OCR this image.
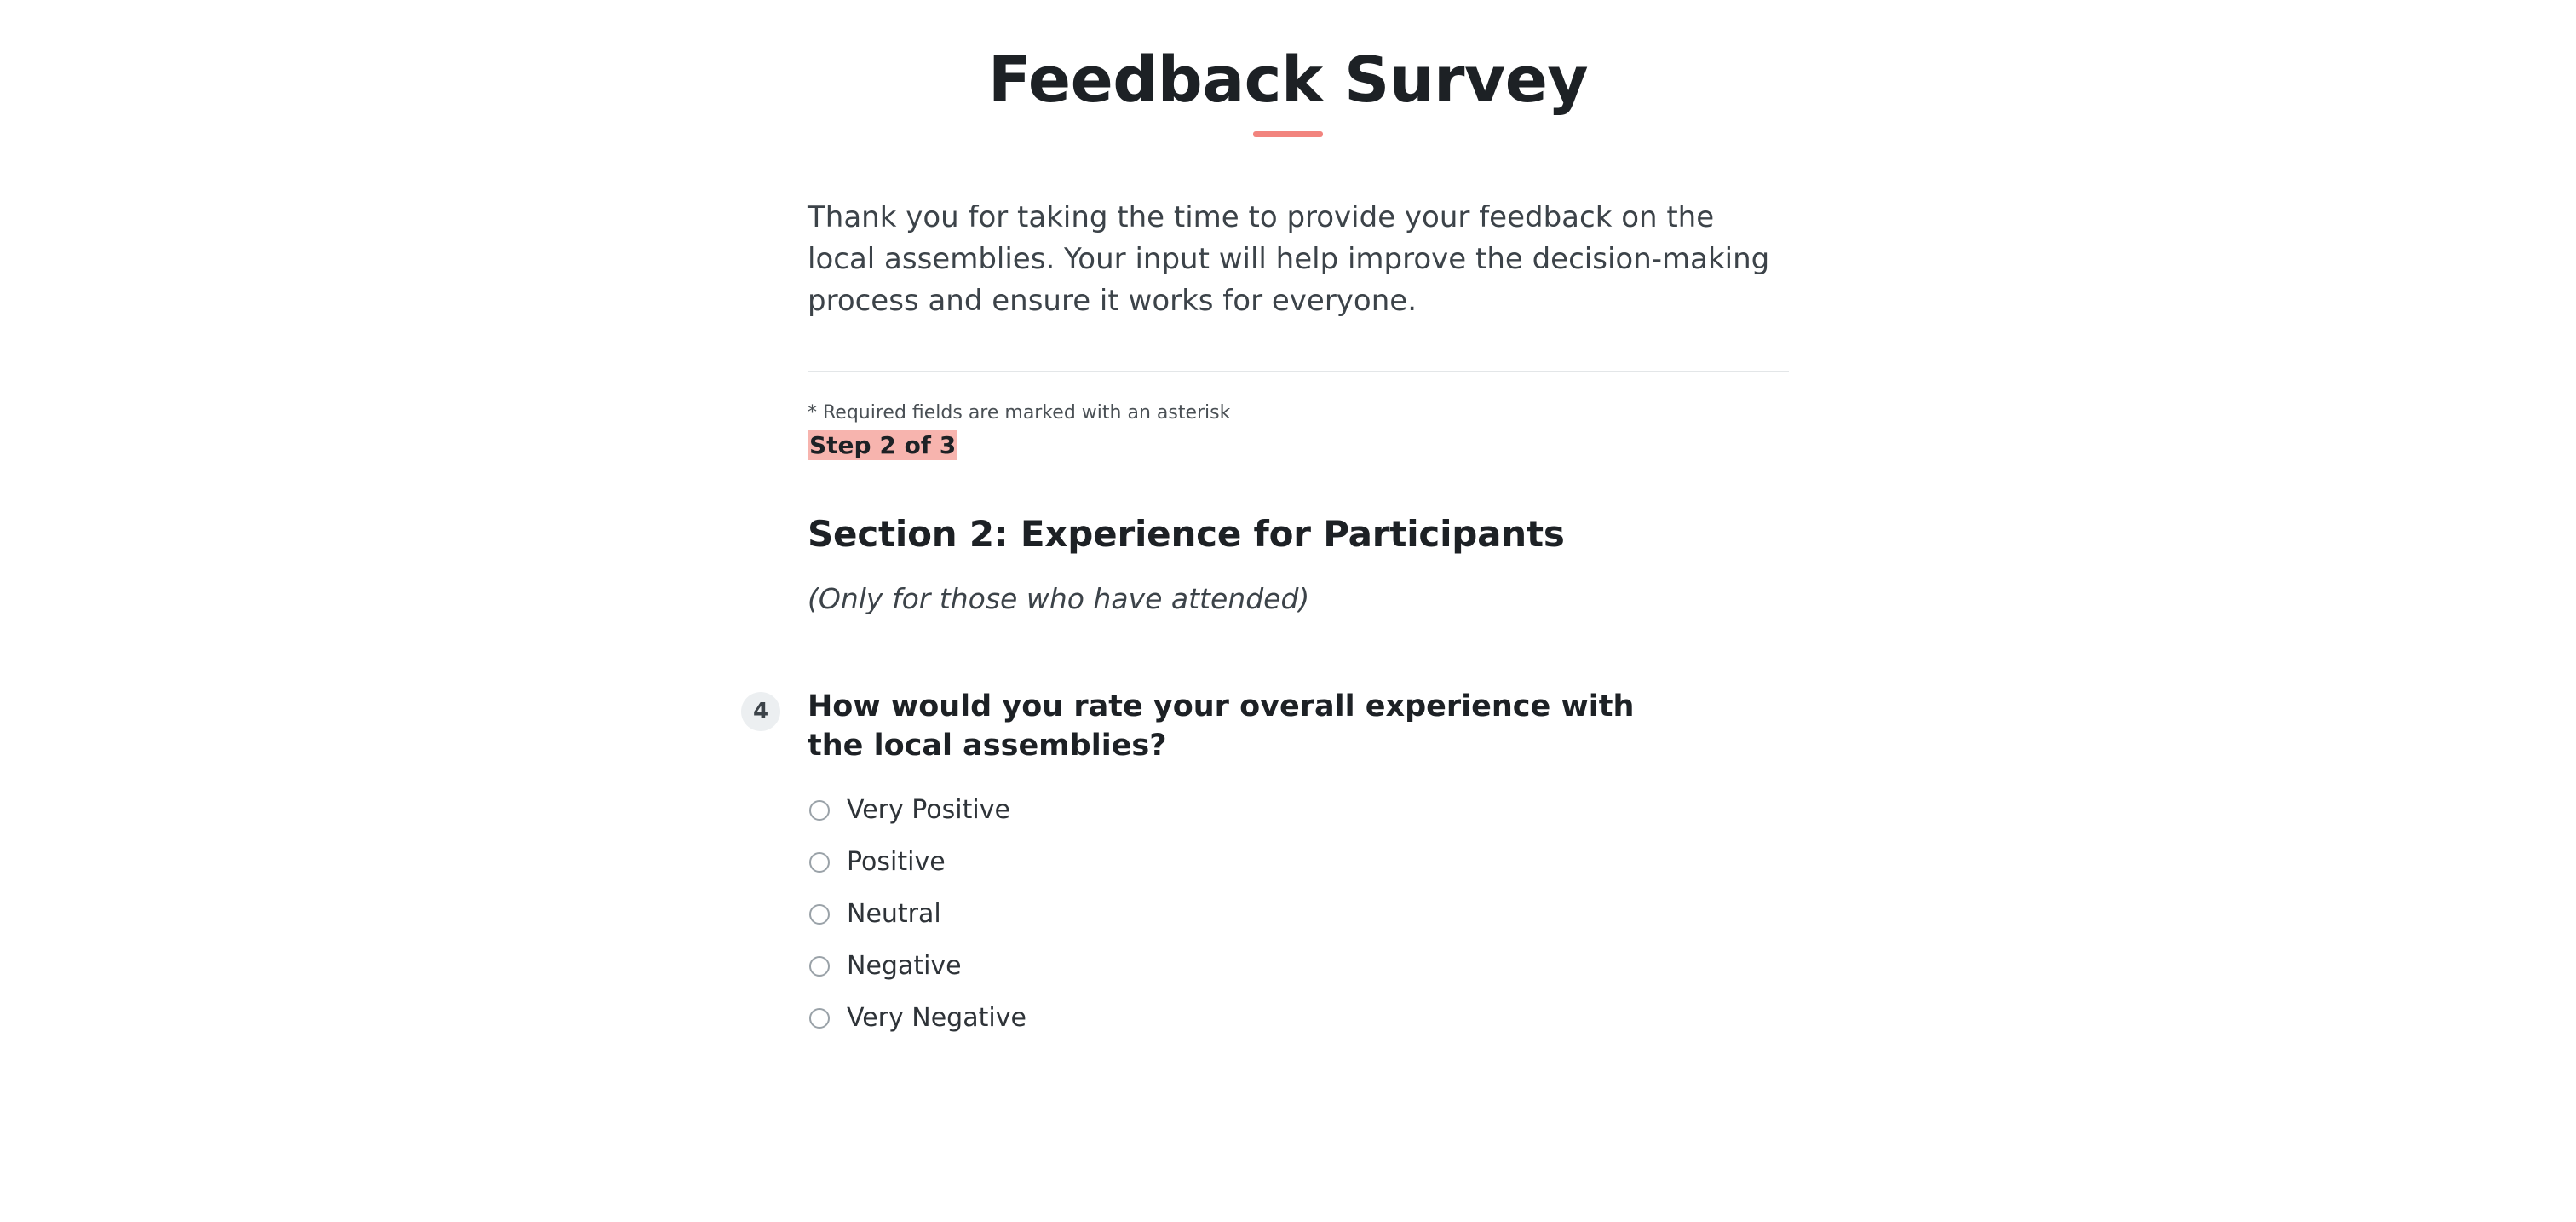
Feedback Survey

Thank you for taking the time to provide your feedback on the local assemblies. Your input will help improve the decision-making process and ensure it works for everyone.

* Required fields are marked with an asterisk

Step 2 of 3
Section 2: Experience for Participants

(Only for those who have attended)

4	How would you rate your overall experience with the local assemblies?

Very Positive
Positive
Neutral
Negative
Very Negative
